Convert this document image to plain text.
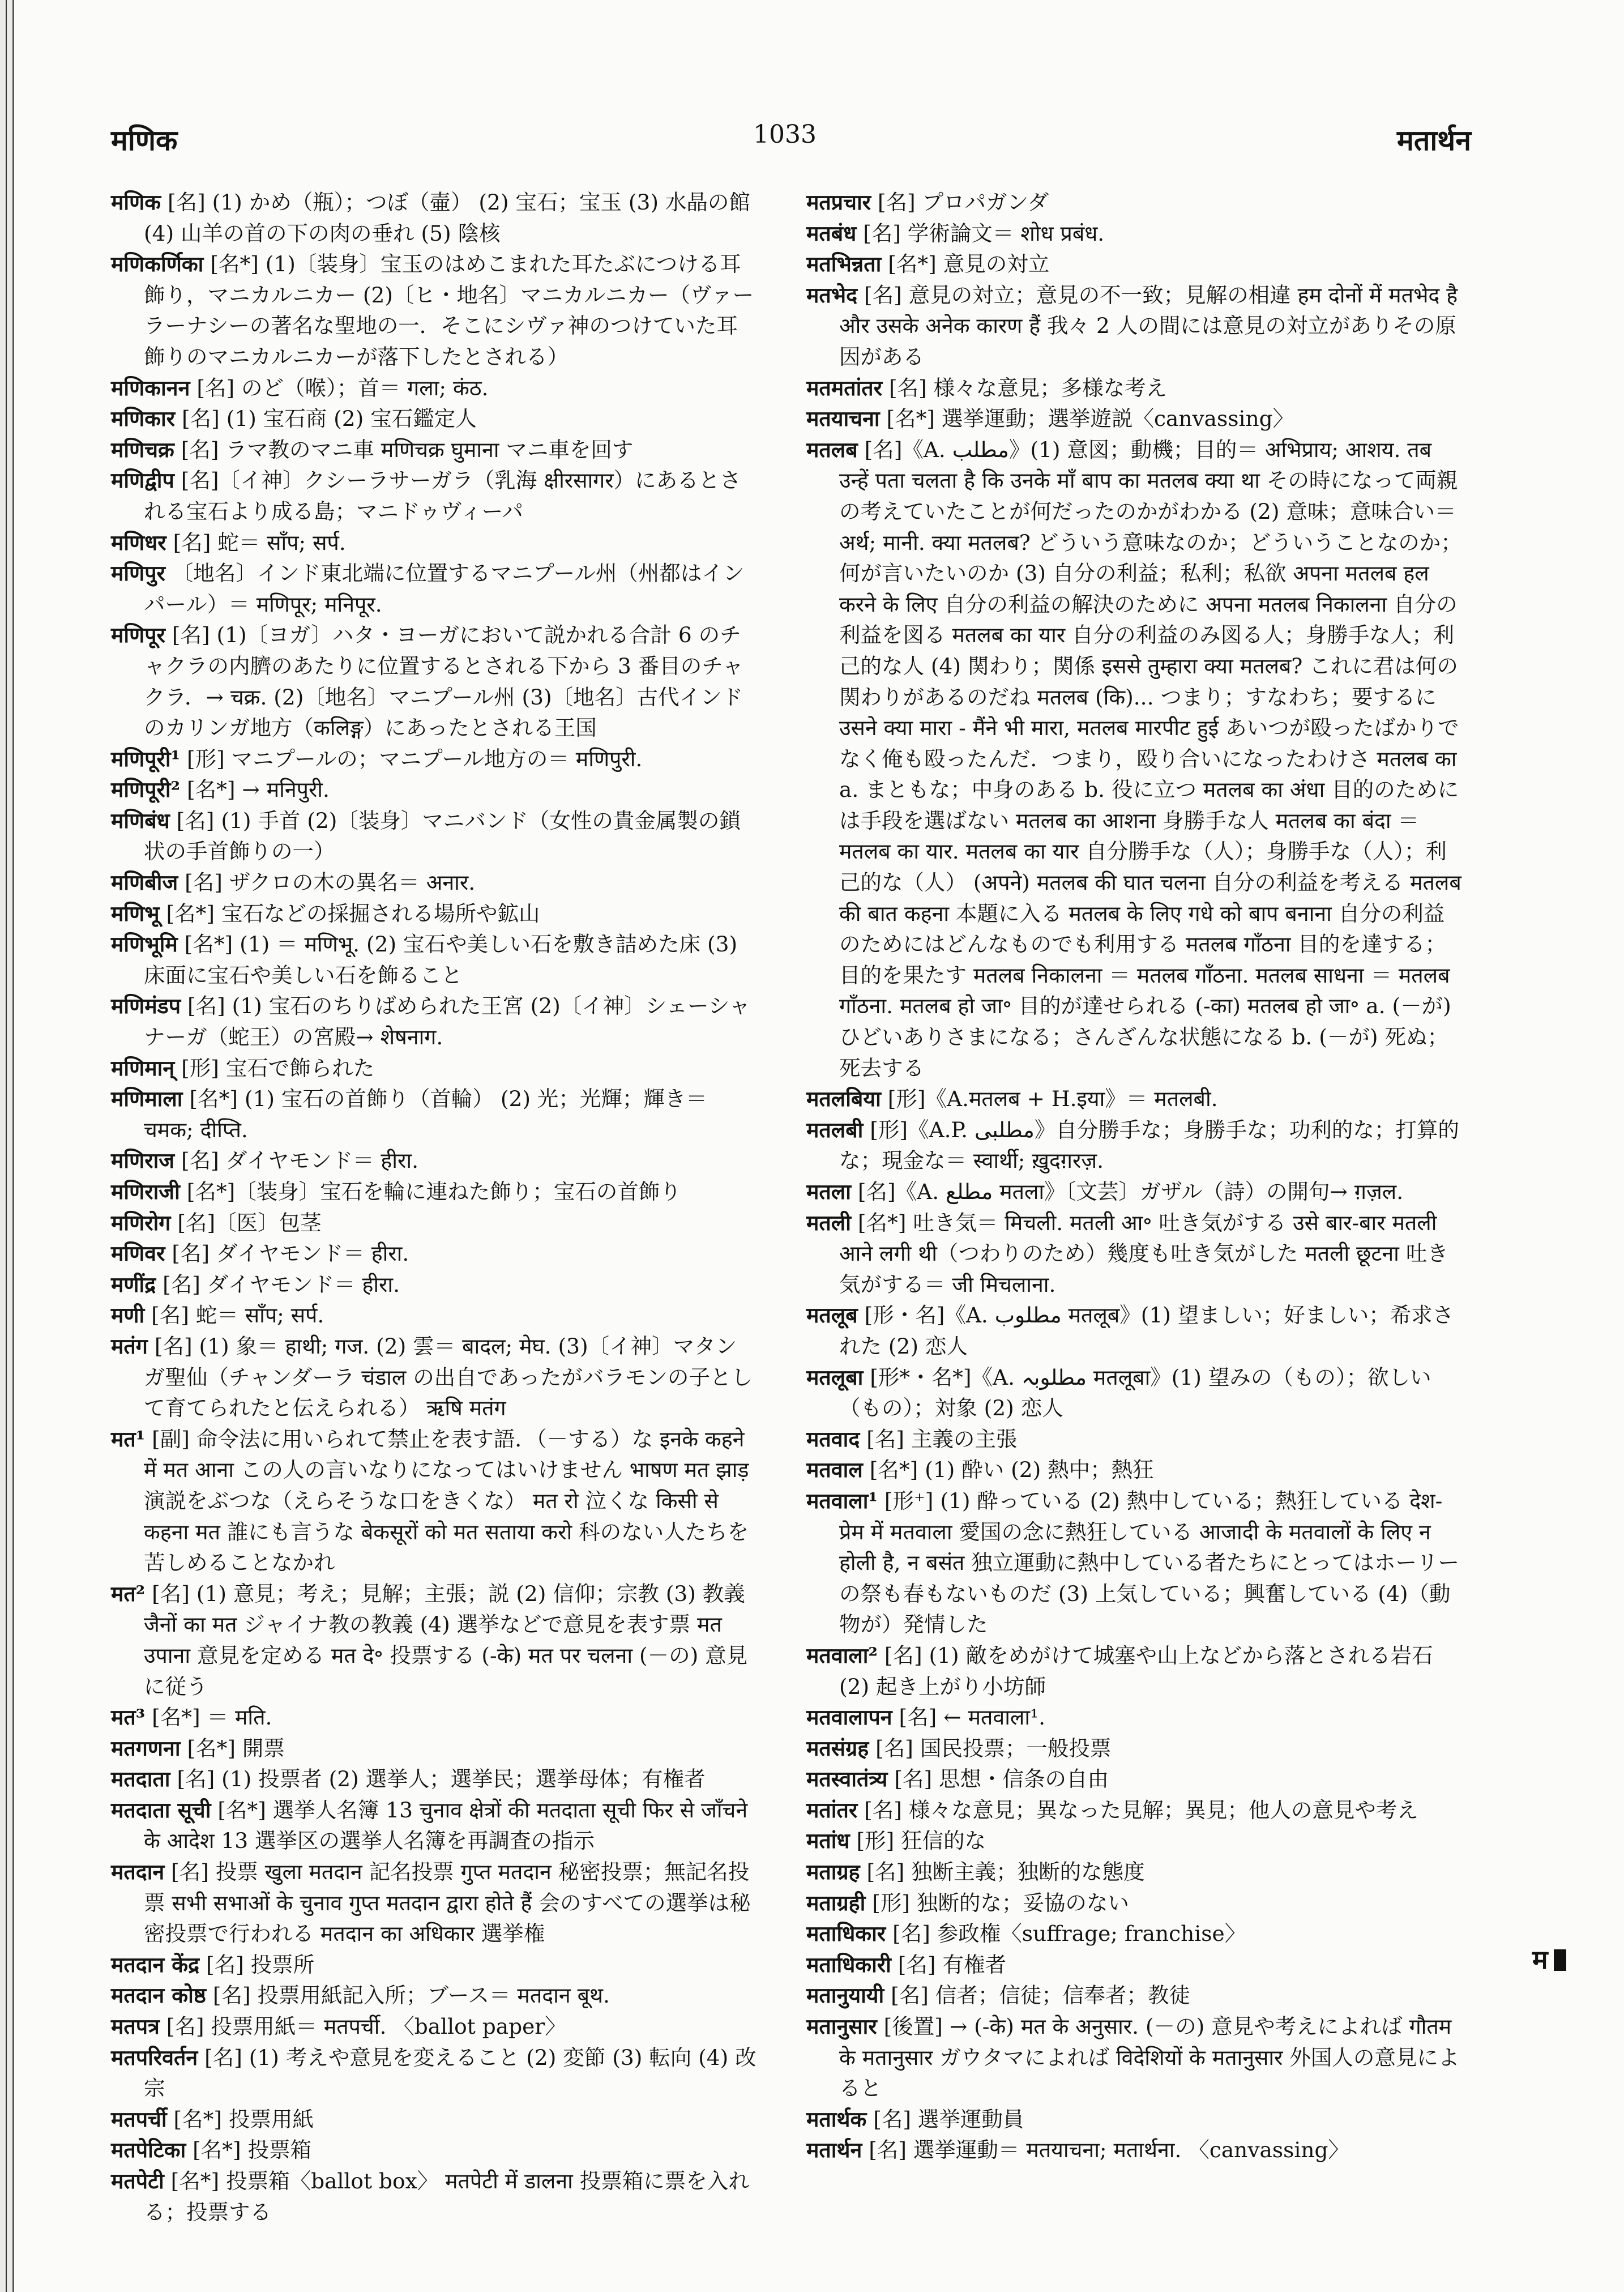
मणिक	1033	मतार्थन

मणिक [名] (1) かめ（瓶）；つぼ（壷） (2) 宝石；宝玉 (3) 水晶の館 (4) 山羊の首の下の肉の垂れ (5) 陰核

मणिकर्णिका [名*] (1)〔装身〕宝玉のはめこまれた耳たぶにつける耳飾り，マニカルニカー (2)〔ヒ・地名〕マニカルニカー（ヴァーラーナシーの著名な聖地の一．そこにシヴァ神のつけていた耳飾りのマニカルニカーが落下したとされる）

मणिकानन [名] のど（喉）；首＝ गला; कंठ.

मणिकार [名] (1) 宝石商 (2) 宝石鑑定人

मणिचक्र [名] ラマ教のマニ車 मणिचक्र घुमाना マニ車を回す

मणिद्वीप [名]〔イ神〕クシーラサーガラ（乳海 क्षीरसागर）にあるとされる宝石より成る島；マニドゥヴィーパ

मणिधर [名] 蛇＝ साँप; सर्प.

मणिपुर 〔地名〕インド東北端に位置するマニプール州（州都はインパール）＝ मणिपूर; मनिपूर.

मणिपूर [名] (1)〔ヨガ〕ハタ・ヨーガにおいて説かれる合計 6 のチャクラの内臍のあたりに位置するとされる下から 3 番目のチャクラ．→ चक्र. (2)〔地名〕マニプール州 (3)〔地名〕古代インドのカリンガ地方（कलिङ्ग）にあったとされる王国

मणिपूरी¹ [形] マニプールの；マニプール地方の＝ मणिपुरी.

मणिपूरी² [名*] → मनिपुरी.

मणिबंध [名] (1) 手首 (2)〔装身〕マニバンド（女性の貴金属製の鎖状の手首飾りの一）

मणिबीज [名] ザクロの木の異名＝ अनार.

मणिभू [名*] 宝石などの採掘される場所や鉱山

मणिभूमि [名*] (1) ＝ मणिभू. (2) 宝石や美しい石を敷き詰めた床 (3) 床面に宝石や美しい石を飾ること

मणिमंडप [名] (1) 宝石のちりばめられた王宮 (2)〔イ神〕シェーシャナーガ（蛇王）の宮殿→ शेषनाग.

मणिमान् [形] 宝石で飾られた

मणिमाला [名*] (1) 宝石の首飾り（首輪） (2) 光；光輝；輝き＝ चमक; दीप्ति.

मणिराज [名] ダイヤモンド＝ हीरा.

मणिराजी [名*]〔装身〕宝石を輪に連ねた飾り；宝石の首飾り

मणिरोग [名]〔医〕包茎

मणिवर [名] ダイヤモンド＝ हीरा.

मणींद्र [名] ダイヤモンド＝ हीरा.

मणी [名] 蛇＝ साँप; सर्प.

मतंग [名] (1) 象＝ हाथी; गज. (2) 雲＝ बादल; मेघ. (3)〔イ神〕マタンガ聖仙（チャンダーラ चंडाल の出自であったがバラモンの子として育てられたと伝えられる） ऋषि मतंग

मत¹ [副] 命令法に用いられて禁止を表す語．（－する）な इनके कहने में मत आना この人の言いなりになってはいけません भाषण मत झाड़ 演説をぶつな（えらそうな口をきくな） मत रो 泣くな किसी से कहना मत 誰にも言うな बेकसूरों को मत सताया करो 科のない人たちを苦しめることなかれ

मत² [名] (1) 意見；考え；見解；主張；説 (2) 信仰；宗教 (3) 教義 जैनों का मत ジャイナ教の教義 (4) 選挙などで意見を表す票 मत उपाना 意見を定める मत दे॰ 投票する (-के) मत पर चलना (－の) 意見に従う

मत³ [名*] ＝ मति.

मतगणना [名*] 開票

मतदाता [名] (1) 投票者 (2) 選挙人；選挙民；選挙母体；有権者

मतदाता सूची [名*] 選挙人名簿 13 चुनाव क्षेत्रों की मतदाता सूची फिर से जाँचने के आदेश 13 選挙区の選挙人名簿を再調査の指示

मतदान [名] 投票 खुला मतदान 記名投票 गुप्त मतदान 秘密投票；無記名投票 सभी सभाओं के चुनाव गुप्त मतदान द्वारा होते हैं 会のすべての選挙は秘密投票で行われる मतदान का अधिकार 選挙権

मतदान केंद्र [名] 投票所

मतदान कोष्ठ [名] 投票用紙記入所；ブース＝ मतदान बूथ.

मतपत्र [名] 投票用紙＝ मतपर्ची. 〈ballot paper〉

मतपरिवर्तन [名] (1) 考えや意見を変えること (2) 変節 (3) 転向 (4) 改宗

मतपर्ची [名*] 投票用紙

मतपेटिका [名*] 投票箱

मतपेटी [名*] 投票箱〈ballot box〉 मतपेटी में डालना 投票箱に票を入れる；投票する

मतप्रचार [名] プロパガンダ

मतबंध [名] 学術論文＝ शोध प्रबंध.

मतभिन्नता [名*] 意見の対立

मतभेद [名] 意見の対立；意見の不一致；見解の相違 हम दोनों में मतभेद है और उसके अनेक कारण हैं 我々 2 人の間には意見の対立がありその原因がある

मतमतांतर [名] 様々な意見；多様な考え

मतयाचना [名*] 選挙運動；選挙遊説〈canvassing〉

मतलब [名]《A. مطلب》(1) 意図；動機；目的＝ अभिप्राय; आशय. तब उन्हें पता चलता है कि उनके माँ बाप का मतलब क्या था その時になって両親の考えていたことが何だったのかがわかる (2) 意味；意味合い＝ अर्थ; मानी. क्या मतलब? どういう意味なのか；どういうことなのか；何が言いたいのか (3) 自分の利益；私利；私欲 अपना मतलब हल करने के लिए 自分の利益の解決のために अपना मतलब निकालना 自分の利益を図る मतलब का यार 自分の利益のみ図る人；身勝手な人；利己的な人 (4) 関わり；関係 इससे तुम्हारा क्या मतलब? これに君は何の関わりがあるのだね मतलब (कि)... つまり；すなわち；要するに उसने क्या मारा - मैंने भी मारा, मतलब मारपीट हुई あいつが殴ったばかりでなく俺も殴ったんだ．つまり，殴り合いになったわけさ मतलब का a. まともな；中身のある b. 役に立つ मतलब का अंधा 目的のためには手段を選ばない मतलब का आशना 身勝手な人 मतलब का बंदा ＝ मतलब का यार. मतलब का यार 自分勝手な（人）；身勝手な（人）；利己的な（人） (अपने) मतलब की घात चलना 自分の利益を考える मतलब की बात कहना 本題に入る मतलब के लिए गधे को बाप बनाना 自分の利益のためにはどんなものでも利用する मतलब गाँठना 目的を達する；目的を果たす मतलब निकालना ＝ मतलब गाँठना. मतलब साधना ＝ मतलब गाँठना. मतलब हो जा॰ 目的が達せられる (-का) मतलब हो जा॰ a. (－が) ひどいありさまになる；さんざんな状態になる b. (－が) 死ぬ；死去する

मतलबिया [形]《A.मतलब + H.इया》＝ मतलबी.

मतलबी [形]《A.P. مطلبی》自分勝手な；身勝手な；功利的な；打算的な；現金な＝ स्वार्थी; ख़ुदग़रज़.

मतला [名]《A. مطلع मतला》〔文芸〕ガザル（詩）の開句→ ग़ज़ल.

मतली [名*] 吐き気＝ मिचली. मतली आ॰ 吐き気がする उसे बार-बार मतली आने लगी थी（つわりのため）幾度も吐き気がした मतली छूटना 吐き気がする＝ जी मिचलाना.

मतलूब [形・名]《A. مطلوب मतलूब》(1) 望ましい；好ましい；希求された (2) 恋人

मतलूबा [形*・名*]《A. مطلوبہ मतलूबा》(1) 望みの（もの）；欲しい（もの）；対象 (2) 恋人

मतवाद [名] 主義の主張

मतवाल [名*] (1) 酔い (2) 熱中；熱狂

मतवाला¹ [形⁺] (1) 酔っている (2) 熱中している；熱狂している देश-प्रेम में मतवाला 愛国の念に熱狂している आजादी के मतवालों के लिए न होली है, न बसंत 独立運動に熱中している者たちにとってはホーリーの祭も春もないものだ (3) 上気している；興奮している (4)（動物が）発情した

मतवाला² [名] (1) 敵をめがけて城塞や山上などから落とされる岩石 (2) 起き上がり小坊師

मतवालापन [名] ← मतवाला¹.

मतसंग्रह [名] 国民投票；一般投票

मतस्वातंत्र्य [名] 思想・信条の自由

मतांतर [名] 様々な意見；異なった見解；異見；他人の意見や考え

मतांध [形] 狂信的な

मताग्रह [名] 独断主義；独断的な態度

मताग्रही [形] 独断的な；妥協のない

मताधिकार [名] 参政権〈suffrage; franchise〉

मताधिकारी [名] 有権者

मतानुयायी [名] 信者；信徒；信奉者；教徒

मतानुसार [後置] → (-के) मत के अनुसार. (－の) 意見や考えによれば गौतम के मतानुसार ガウタマによれば विदेशियों के मतानुसार 外国人の意見によると

मतार्थक [名] 選挙運動員

मतार्थन [名] 選挙運動＝ मतयाचना; मतार्थना. 〈canvassing〉

म
